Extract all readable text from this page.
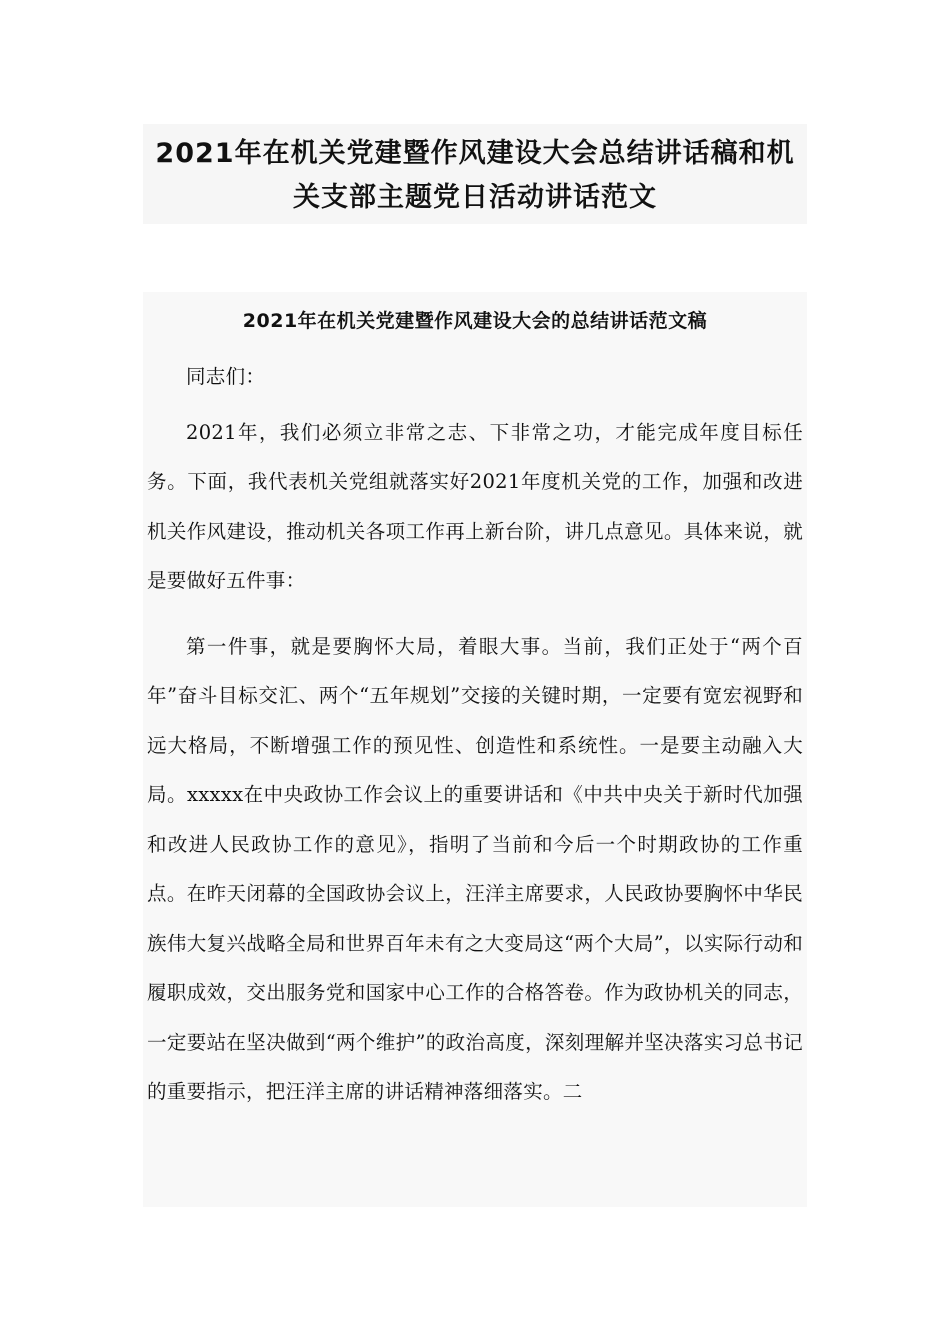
2021年在机关党建暨作风建设大会总结讲话稿和机
关支部主题党日活动讲话范文
2021年在机关党建暨作风建设大会的总结讲话范文稿

同志们：

2021年，我们必须立非常之志、下非常之功，才能完成年度目标任务。下面，我代表机关党组就落实好2021年度机关党的工作，加强和改进机关作风建设，推动机关各项工作再上新台阶，讲几点意见。具体来说，就是要做好五件事：

第一件事，就是要胸怀大局，着眼大事。当前，我们正处于“两个百年”奋斗目标交汇、两个“五年规划”交接的关键时期，一定要有宽宏视野和远大格局，不断增强工作的预见性、创造性和系统性。一是要主动融入大局。xxxxx在中央政协工作会议上的重要讲话和《中共中央关于新时代加强和改进人民政协工作的意见》，指明了当前和今后一个时期政协的工作重点。在昨天闭幕的全国政协会议上，汪洋主席要求，人民政协要胸怀中华民族伟大复兴战略全局和世界百年未有之大变局这“两个大局”，以实际行动和履职成效，交出服务党和国家中心工作的合格答卷。作为政协机关的同志，一定要站在坚决做到“两个维护”的政治高度，深刻理解并坚决落实习总书记的重要指示，把汪洋主席的讲话精神落细落实。二
